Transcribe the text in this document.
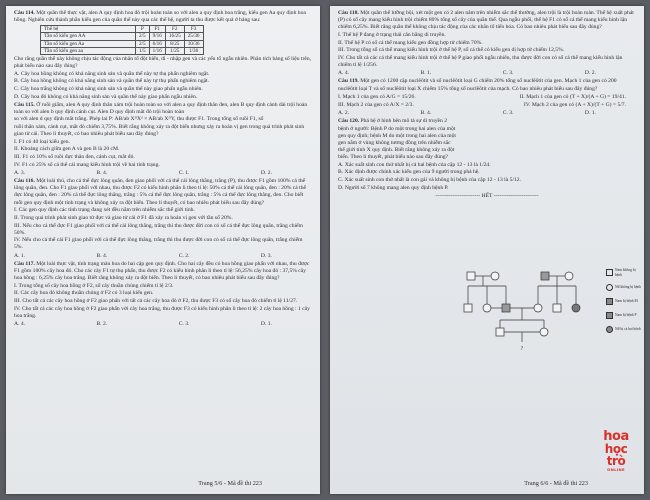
Câu 114. Một quần thể thực vật, alen A quy định hoa đỏ trội hoàn toàn so với alen a quy định hoa trắng, kiểu gen Aa quy định hoa hồng. Nghiên cứu thành phần kiểu gen của quần thể này qua các thế hệ, người ta thu được kết quả ở bảng sau:

Thế hệ	P	F1	F2	F3
Tần số kiểu gen AA	2/5	9/16	16/25	25/36
Tần số kiểu gen Aa	2/5	6/16	8/25	10/36
Tần số kiểu gen aa	1/5	1/16	1/25	1/36

Cho rằng quần thể này không chịu tác động của nhân tố đột biến, di - nhập gen và các yếu tố ngẫu nhiên. Phân tích bảng số liệu trên, phát biểu nào sau đây đúng?

A. Cây hoa hồng không có khả năng sinh sản và quần thể này tự thụ phấn nghiêm ngặt.

B. Cây hoa hồng không có khả năng sinh sản và quần thể này tự thụ phấn nghiêm ngặt.

C. Cây hoa trắng không có khả năng sinh sản và quần thể này giao phấn ngẫu nhiên.

D. Cây hoa đỏ không có khả năng sinh sản và quần thể này giao phấn ngẫu nhiên.

Câu 115. Ở ruồi giấm, alen A quy định thân xám trội hoàn toàn so với alen a quy định thân đen, alen B quy định cánh dài trội hoàn toàn so với alen b quy định cánh cụt. Alen D quy định mắt đỏ trội hoàn toàn

so với alen d quy định mắt trắng. Phép lai P: AB/ab XᴰXᵈ × AB/ab XᴰY, thu được F1. Trong tổng số ruồi F1, số

ruồi thân xám, cánh cụt, mắt đỏ chiếm 3,75%. Biết rằng không xảy ra đột biến nhưng xảy ra hoán vị gen trong quá trình phát sinh giao tử cái. Theo lí thuyết, có bao nhiêu phát biểu sau đây đúng?

I. F1 có 40 loại kiểu gen.

II. Khoảng cách giữa gen A và gen B là 20 cM.

III. F1 có 10% số ruồi đực thân đen, cánh cụt, mắt đỏ.

IV. F1 có 25% số cá thể cái mang kiểu hình trội về hai tính trạng.

A. 3.	B. 4.	C. 1.	D. 2.

Câu 116. Một loài thú, cho cá thể đực lông quăn, đen giao phối với cá thể cái lông thẳng, trắng (P), thu được F1 gồm 100% cá thể lông quăn, đen. Cho F1 giao phối với nhau, thu được F2 có kiểu hình phân li theo tỉ lệ: 50% cá thể cái lông quăn, đen : 20% cá thể đực lông quăn, đen : 20% cá thể đực lông thẳng, trắng : 5% cá thể đực lông quăn, trắng : 5% cá thể đực lông thẳng, đen. Cho biết mỗi gen quy định một tính trạng và không xảy ra đột biến. Theo lí thuyết, có bao nhiêu phát biểu sau đây đúng?

I. Các gen quy định các tính trạng đang xét đều nằm trên nhiễm sắc thể giới tính.

II. Trong quá trình phát sinh giao tử đực và giao tử cái ở F1 đã xảy ra hoán vị gen với tần số 20%.

III. Nếu cho cá thể đực F1 giao phối với cá thể cái lông thẳng, trắng thì thu được đời con có số cá thể đực lông quăn, trắng chiếm 50%.

IV. Nếu cho cá thể cái F1 giao phối với cá thể đực lông thẳng, trắng thì thu được đời con có số cá thể đực lông quăn, trắng chiếm 5%.

A. 1.	B. 4.	C. 2.	D. 3.

Câu 117. Một loài thực vật, tính trạng màu hoa do hai cặp gen quy định. Cho hai cây đều có hoa hồng giao phấn với nhau, thu được F1 gồm 100% cây hoa đỏ. Cho các cây F1 tự thụ phấn, thu được F2 có kiểu hình phân li theo tỉ lệ: 56,25% cây hoa đỏ : 37,5% cây hoa hồng : 6,25% cây hoa trắng. Biết rằng không xảy ra đột biến. Theo lí thuyết, có bao nhiêu phát biểu sau đây đúng?

I. Trong tổng số cây hoa hồng ở F2, số cây thuần chủng chiếm tỉ lệ 2/3.

II. Các cây hoa đỏ không thuần chủng ở F2 có 3 loại kiểu gen.

III. Cho tất cả các cây hoa hồng ở F2 giao phấn với tất cả các cây hoa đỏ ở F2, thu được F3 có số cây hoa đỏ chiếm tỉ lệ 11/27.

IV. Cho tất cả các cây hoa hồng ở F2 giao phấn với cây hoa trắng, thu được F3 có kiểu hình phân li theo tỉ lệ: 2 cây hoa hồng : 1 cây hoa trắng.

A. 4.	B. 2.	C. 3.	D. 1.
Trang 5/6 - Mã đề thi 223

Câu 118. Một quần thể lưỡng bội, xét một gen có 2 alen nằm trên nhiễm sắc thể thường, alen trội là trội hoàn toàn. Thế hệ xuất phát (P) có số cây mang kiểu hình trội chiếm 80% tổng số cây của quần thể. Qua ngẫu phối, thế hệ F1 có số cá thể mang kiểu hình lặn chiếm 6,25%. Biết rằng quần thể không chịu tác động của các nhân tố tiến hóa. Có bao nhiêu phát biểu sau đây đúng?

I. Thế hệ P đang ở trạng thái cân bằng di truyền.

II. Thế hệ P có số cá thể mang kiểu gen đồng hợp tử chiếm 70%.

III. Trong tổng số cá thể mang kiểu hình trội ở thế hệ P, số cá thể có kiểu gen dị hợp tử chiếm 12,5%.

IV. Cho tất cả các cá thể mang kiểu hình trội ở thế hệ P giao phối ngẫu nhiên, thu được đời con có số cá thể mang kiểu hình lặn chiếm tỉ lệ 1/256.

A. 4.	B. 1.	C. 3.	D. 2.

Câu 119. Một gen có 1200 cặp nuclêôtit và số nuclêôtit loại G chiếm 20% tổng số nuclêôtit của gen. Mạch 1 của gen có 200 nuclêôtit loại T và số nuclêôtit loại X chiếm 15% tổng số nuclêôtit của mạch. Có bao nhiêu phát biểu sau đây đúng?

I. Mạch 1 của gen có A/G = 15/26.	II. Mạch 1 của gen có (T + X)/(A + G) = 19/41.
III. Mạch 2 của gen có A/X = 2/3.	IV. Mạch 2 của gen có (A + X)/(T + G) = 5/7.
A. 2.	B. 4.	C. 3.	D. 1.

Câu 120. Phả hệ ở hình bên mô tả sự di truyền 2 bệnh ở người: Bệnh P do một trong hai alen của một gen quy định; bệnh M do một trong hai alen của một gen nằm ở vùng không tương đồng trên nhiễm sắc thể giới tính X quy định. Biết rằng không xảy ra đột biến. Theo lí thuyết, phát biểu nào sau đây đúng?

A. Xác suất sinh con thứ nhất bị cả hai bệnh của cặp 12 - 13 là 1/24.

B. Xác định được chính xác kiểu gen của 9 người trong phả hệ.

C. Xác suất sinh con thứ nhất là con gái và không bị bệnh của cặp 12 - 13 là 5/12.

D. Người số 7 không mang alen quy định bệnh P.

------------------------ HẾT ------------------------
?
Nam không bị bệnh
Nữ không bị bệnh
Nam bị bệnh M
Nam bị bệnh P
Nữ bị cả hai bệnh
hoa
học trò
ONLINE
Trang 6/6 - Mã đề thi 223
